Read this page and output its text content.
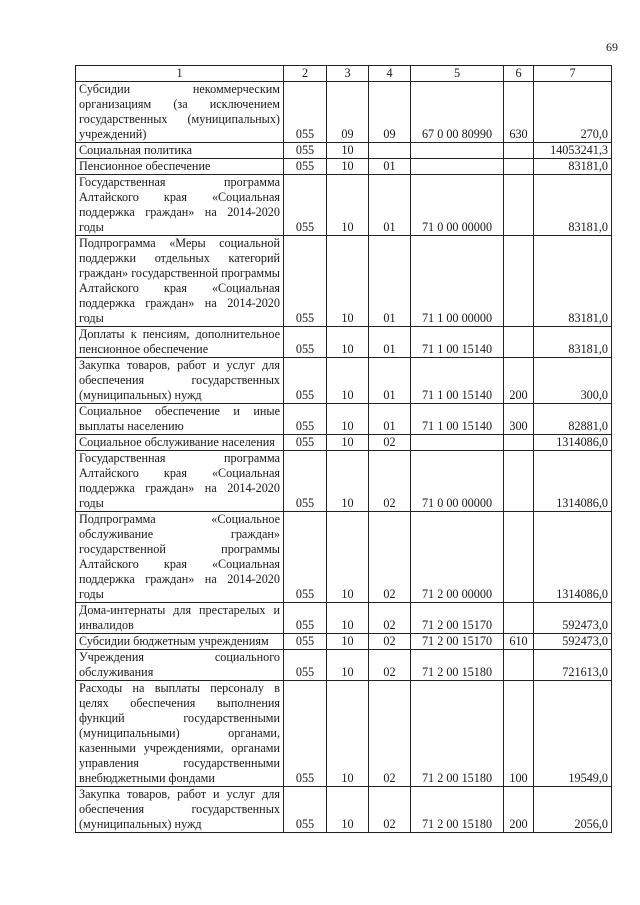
69
1	2	3	4	5	6	7
Субсидии некоммерческим организациям (за исключением государственных (муниципальных) учреждений)	055	09	09	67 0 00 80990	630	270,0
Социальная политика	055	10				14053241,3
Пенсионное обеспечение	055	10	01			83181,0
Государственная программа Алтайского края «Социальная поддержка граждан» на 2014-2020 годы	055	10	01	71 0 00 00000		83181,0
Подпрограмма «Меры социальной поддержки отдельных категорий граждан» государственной программы Алтайского края «Социальная поддержка граждан» на 2014-2020 годы	055	10	01	71 1 00 00000		83181,0
Доплаты к пенсиям, дополнительное пенсионное обеспечение	055	10	01	71 1 00 15140		83181,0
Закупка товаров, работ и услуг для обеспечения государственных (муниципальных) нужд	055	10	01	71 1 00 15140	200	300,0
Социальное обеспечение и иные выплаты населению	055	10	01	71 1 00 15140	300	82881,0
Социальное обслуживание населения	055	10	02			1314086,0
Государственная программа Алтайского края «Социальная поддержка граждан» на 2014-2020 годы	055	10	02	71 0 00 00000		1314086,0
Подпрограмма «Социальное обслуживание граждан» государственной программы Алтайского края «Социальная поддержка граждан» на 2014-2020 годы	055	10	02	71 2 00 00000		1314086,0
Дома-интернаты для престарелых и инвалидов	055	10	02	71 2 00 15170		592473,0
Субсидии бюджетным учреждениям	055	10	02	71 2 00 15170	610	592473,0
Учреждения социального обслуживания	055	10	02	71 2 00 15180		721613,0
Расходы на выплаты персоналу в целях обеспечения выполнения функций государственными (муниципальными) органами, казенными учреждениями, органами управления государственными внебюджетными фондами	055	10	02	71 2 00 15180	100	19549,0
Закупка товаров, работ и услуг для обеспечения государственных (муниципальных) нужд	055	10	02	71 2 00 15180	200	2056,0
